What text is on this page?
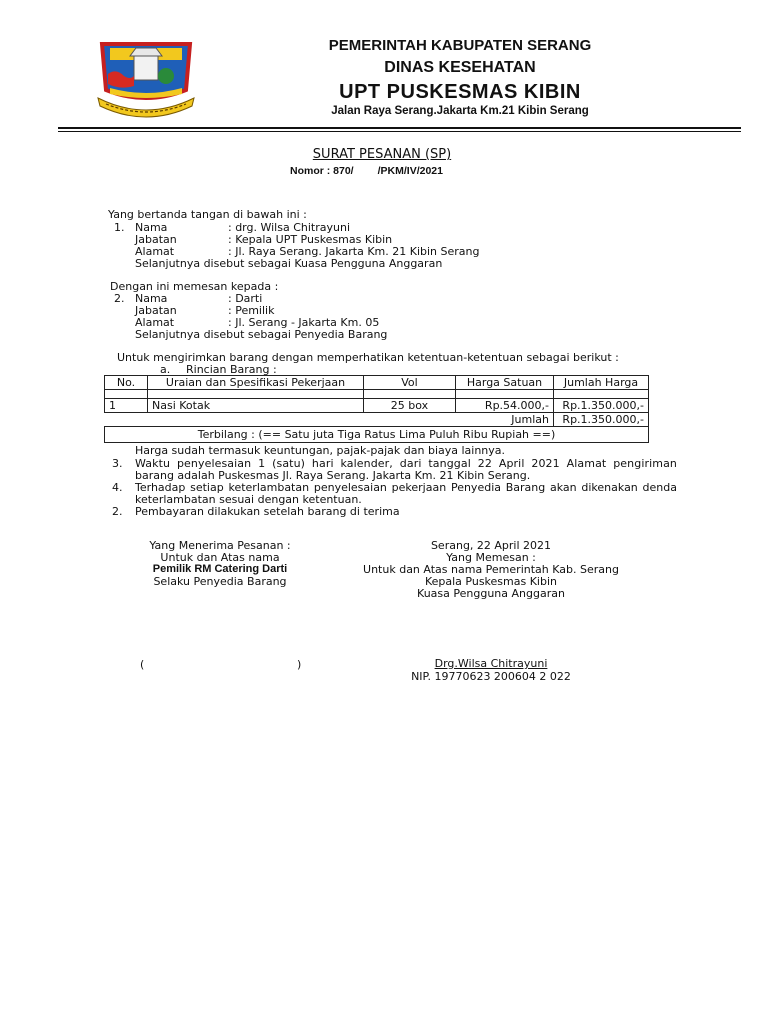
PEMERINTAH KABUPATEN SERANG
DINAS KESEHATAN
UPT PUSKESMAS KIBIN
Jalan Raya Serang.Jakarta Km.21 Kibin Serang
SURAT PESANAN (SP)
Nomor : 870/ /PKM/IV/2021
Yang bertanda tangan di bawah ini :
1. Nama	: drg. Wilsa Chitrayuni
Jabatan	: Kepala UPT Puskesmas Kibin
Alamat	: Jl. Raya Serang. Jakarta Km. 21 Kibin Serang
Selanjutnya disebut sebagai Kuasa Pengguna Anggaran
Dengan ini memesan kepada :
2. Nama	: Darti
Jabatan	: Pemilik
Alamat	: Jl. Serang - Jakarta Km. 05
Selanjutnya disebut sebagai Penyedia Barang
Untuk mengirimkan barang dengan memperhatikan ketentuan-ketentuan sebagai berikut :
a. Rincian Barang :
No.	Uraian dan Spesifikasi Pekerjaan	Vol	Harga Satuan	Jumlah Harga

1	Nasi Kotak	25 box	Rp.54.000,-	Rp.1.350.000,-
Jumlah				Rp.1.350.000,-
Terbilang : (== Satu juta Tiga Ratus Lima Puluh Ribu Rupiah ==)				
Harga sudah termasuk keuntungan, pajak-pajak dan biaya lainnya.
3. Waktu penyelesaian 1 (satu) hari kalender, dari tanggal 22 April 2021 Alamat pengiriman
barang adalah Puskesmas Jl. Raya Serang. Jakarta Km. 21 Kibin Serang.
4. Terhadap setiap keterlambatan penyelesaian pekerjaan Penyedia Barang akan dikenakan denda
keterlambatan sesuai dengan ketentuan.
2. Pembayaran dilakukan setelah barang di terima
Yang Menerima Pesanan :
Untuk dan Atas nama
Pemilik RM Catering Darti
Selaku Penyedia Barang
(	)
Serang, 22 April 2021
Yang Memesan :
Untuk dan Atas nama Pemerintah Kab. Serang
Kepala Puskesmas Kibin
Kuasa Pengguna Anggaran
Drg.Wilsa Chitrayuni
NIP. 19770623 200604 2 022
